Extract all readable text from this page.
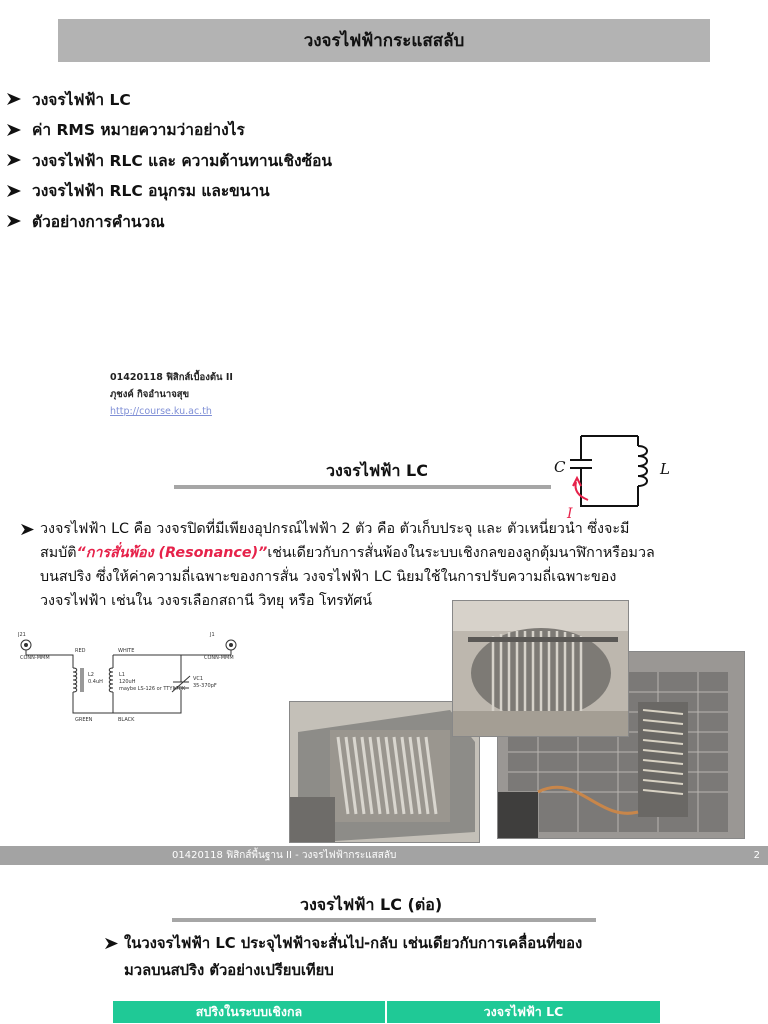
วงจรไฟฟ้ากระแสสลับ
วงจรไฟฟ้า LC
ค่า RMS หมายความว่าอย่างไร
วงจรไฟฟ้า RLC และ ความต้านทานเชิงซ้อน
วงจรไฟฟ้า RLC อนุกรม และขนาน
ตัวอย่างการคำนวณ
01420118 ฟิสิกส์เบื้องต้น II
ภุชงค์ กิจอำนาจสุข
http://course.ku.ac.th
วงจรไฟฟ้า LC	C	L
I
วงจรไฟฟ้า LC คือ วงจรปิดที่มีเพียงอุปกรณ์ไฟฟ้า 2 ตัว คือ ตัวเก็บประจุ และ ตัวเหนี่ยวนำ ซึ่งจะมี
สมบัติ “การสั่นพ้อง (Resonance)” เช่นเดียวกับการสั่นพ้องในระบบเชิงกลของลูกตุ้มนาฬิกาหรือมวล
บนสปริง ซึ่งให้ค่าความถี่เฉพาะของการสั่น วงจรไฟฟ้า LC นิยมใช้ในการปรับความถี่เฉพาะของ
วงจรไฟฟ้า เช่นใน วงจรเลือกสถานี วิทยุ หรือ โทรทัศน์
J21
CONN-MMM
J1
CONN-MMM
RED	WHITE
GREEN	BLACK
L2
0.4uH
L1
120uH
maybe LS-126 or TTY178K
VC1
35-370pF
01420118 ฟิสิกส์พื้นฐาน II - วงจรไฟฟ้ากระแสสลับ	2
วงจรไฟฟ้า LC (ต่อ)
ในวงจรไฟฟ้า LC ประจุไฟฟ้าจะสั่นไป-กลับ เช่นเดียวกับการเคลื่อนที่ของ
มวลบนสปริง ตัวอย่างเปรียบเทียบ
สปริงในระบบเชิงกล	วงจรไฟฟ้า LC
